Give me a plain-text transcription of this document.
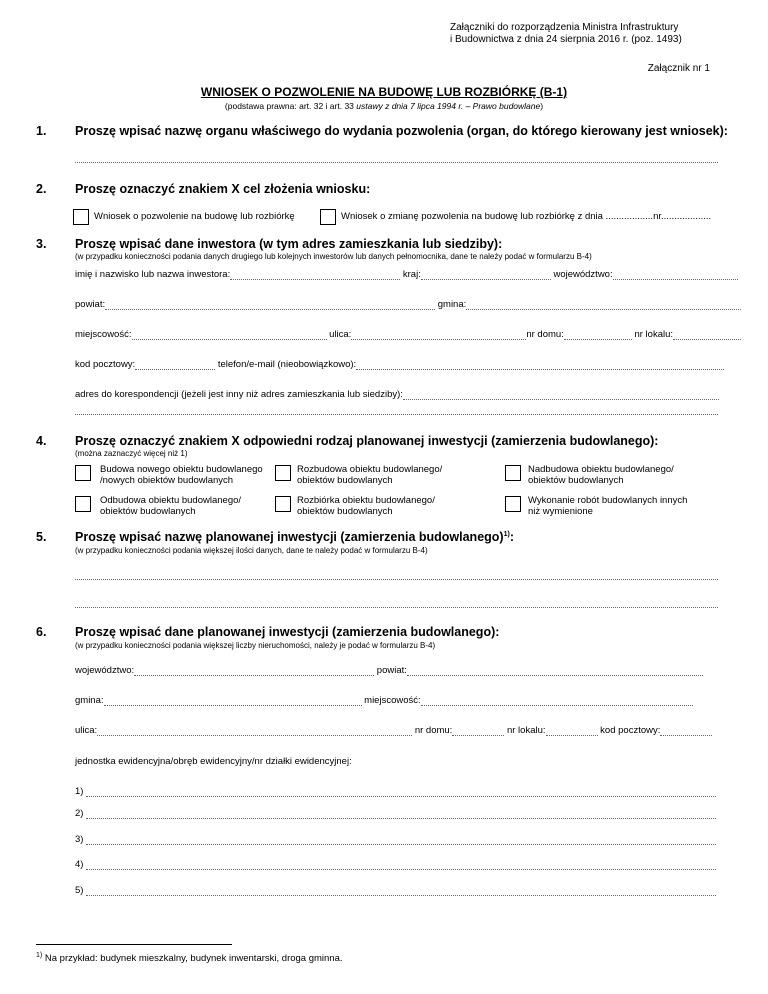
Załączniki do rozporządzenia Ministra Infrastruktury
i Budownictwa z dnia 24 sierpnia 2016 r. (poz. 1493)
Załącznik nr 1
WNIOSEK O POZWOLENIE NA BUDOWĘ LUB ROZBIÓRKĘ (B-1)
(podstawa prawna: art. 32 i art. 33 ustawy z dnia 7 lipca 1994 r. – Prawo budowlane)
1. Proszę wpisać nazwę organu właściwego do wydania pozwolenia (organ, do którego kierowany jest wniosek):
2. Proszę oznaczyć znakiem X cel złożenia wniosku:
Wniosek o pozwolenie na budowę lub rozbiórkę	Wniosek o zmianę pozwolenia na budowę lub rozbiórkę z dnia ..................nr...................
3. Proszę wpisać dane inwestora (w tym adres zamieszkania lub siedziby):
(w przypadku konieczności podania danych drugiego lub kolejnych inwestorów lub danych pełnomocnika, dane te należy podać w formularzu B-4)
imię i nazwisko lub nazwa inwestora:	kraj:	województwo:
powiat:	gmina:
miejscowość:	ulica:	nr domu:	nr lokalu:
kod pocztowy:	telefon/e-mail (nieobowiązkowo):
adres do korespondencji (jeżeli jest inny niż adres zamieszkania lub siedziby):
4. Proszę oznaczyć znakiem X odpowiedni rodzaj planowanej inwestycji (zamierzenia budowlanego):
(można zaznaczyć więcej niż 1)
Budowa nowego obiektu budowlanego
/nowych obiektów budowlanych
Rozbudowa obiektu budowlanego/
obiektów budowlanych
Nadbudowa obiektu budowlanego/
obiektów budowlanych
Odbudowa obiektu budowlanego/
obiektów budowlanych
Rozbiórka obiektu budowlanego/
obiektów budowlanych
Wykonanie robót budowlanych innych
niż wymienione
5. Proszę wpisać nazwę planowanej inwestycji (zamierzenia budowlanego)$^{1)}$:
(w przypadku konieczności podania większej ilości danych, dane te należy podać w formularzu B-4)
6. Proszę wpisać dane planowanej inwestycji (zamierzenia budowlanego):
(w przypadku konieczności podania większej liczby nieruchomości, należy je podać w formularzu B-4)
województwo:	powiat:
gmina:	miejscowość:
ulica:	nr domu:	nr lokalu:	kod pocztowy:
jednostka ewidencyjna/obręb ewidencyjny/nr działki ewidencyjnej:
1)
2)
3)
4)
5)
$^{1)}$ Na przykład: budynek mieszkalny, budynek inwentarski, droga gminna.
